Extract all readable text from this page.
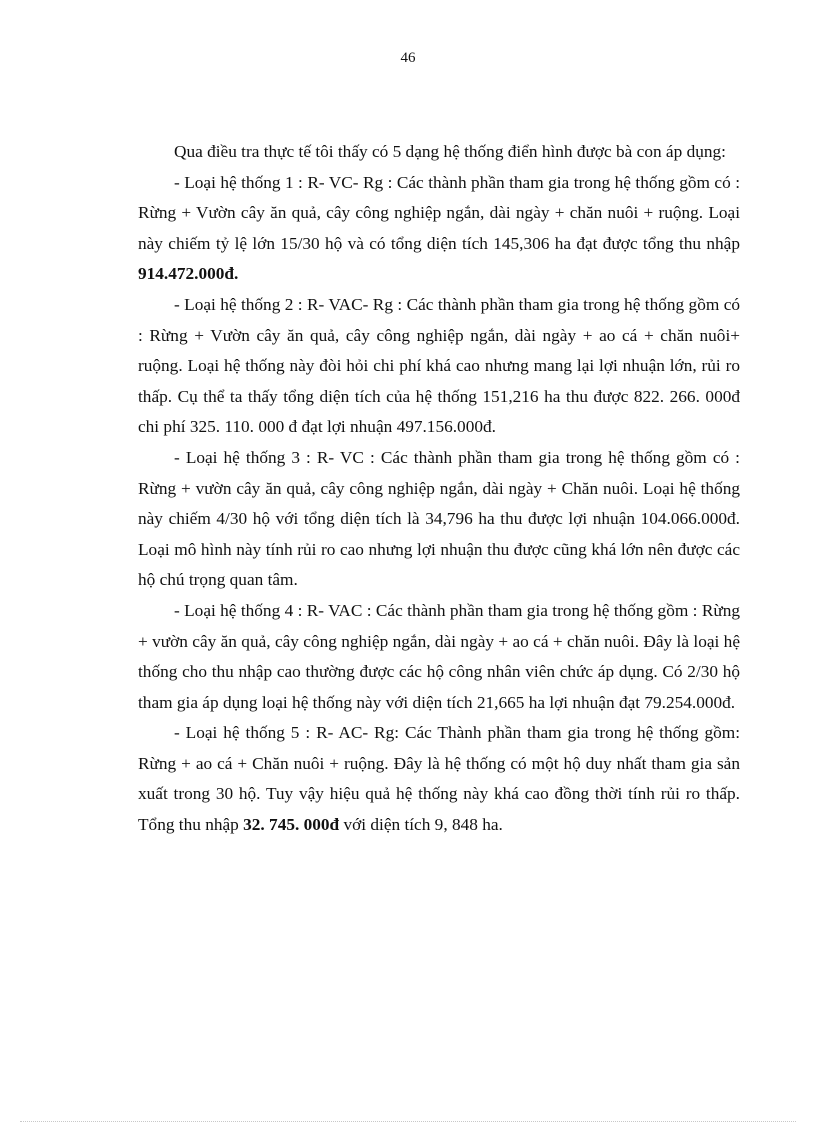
46

Qua điều tra thực tế tôi thấy có 5 dạng hệ thống điển hình được bà con áp dụng:

- Loại hệ thống 1 : R- VC- Rg : Các thành phần tham gia trong hệ thống gồm có : Rừng + Vườn cây ăn quả, cây công nghiệp ngắn, dài ngày + chăn nuôi + ruộng. Loại này chiếm tỷ lệ lớn 15/30 hộ và có tổng diện tích 145,306 ha đạt được tổng thu nhập 914.472.000đ.

- Loại hệ thống 2 : R- VAC- Rg : Các thành phần tham gia trong hệ thống gồm có : Rừng + Vườn cây ăn quả, cây công nghiệp ngắn, dài ngày + ao cá + chăn nuôi+ ruộng. Loại hệ thống này đòi hỏi chi phí khá cao nhưng mang lại lợi nhuận lớn, rủi ro thấp. Cụ thể ta thấy tổng diện tích của hệ thống 151,216 ha thu được 822. 266. 000đ chi phí 325. 110. 000 đ đạt lợi nhuận 497.156.000đ.

- Loại hệ thống 3 : R- VC : Các thành phần tham gia trong hệ thống gồm có : Rừng + vườn cây ăn quả, cây công nghiệp ngắn, dài ngày + Chăn nuôi. Loại hệ thống này chiếm 4/30 hộ với tổng diện tích là 34,796 ha thu được lợi nhuận 104.066.000đ. Loại mô hình này tính rủi ro cao nhưng lợi nhuận thu được cũng khá lớn nên được các hộ chú trọng quan tâm.

- Loại hệ thống 4 : R- VAC : Các thành phần tham gia trong hệ thống gồm : Rừng + vườn cây ăn quả, cây công nghiệp ngắn, dài ngày + ao cá + chăn nuôi. Đây là loại hệ thống cho thu nhập cao thường được các hộ công nhân viên chức áp dụng. Có 2/30 hộ tham gia áp dụng loại hệ thống này với diện tích 21,665 ha lợi nhuận đạt 79.254.000đ.

- Loại hệ thống 5 : R- AC- Rg: Các Thành phần tham gia trong hệ thống gồm: Rừng + ao cá + Chăn nuôi + ruộng. Đây là hệ thống có một hộ duy nhất tham gia sản xuất trong 30 hộ. Tuy vậy hiệu quả hệ thống này khá cao đồng thời tính rủi ro thấp. Tổng thu nhập 32. 745. 000đ với diện tích 9, 848 ha.
